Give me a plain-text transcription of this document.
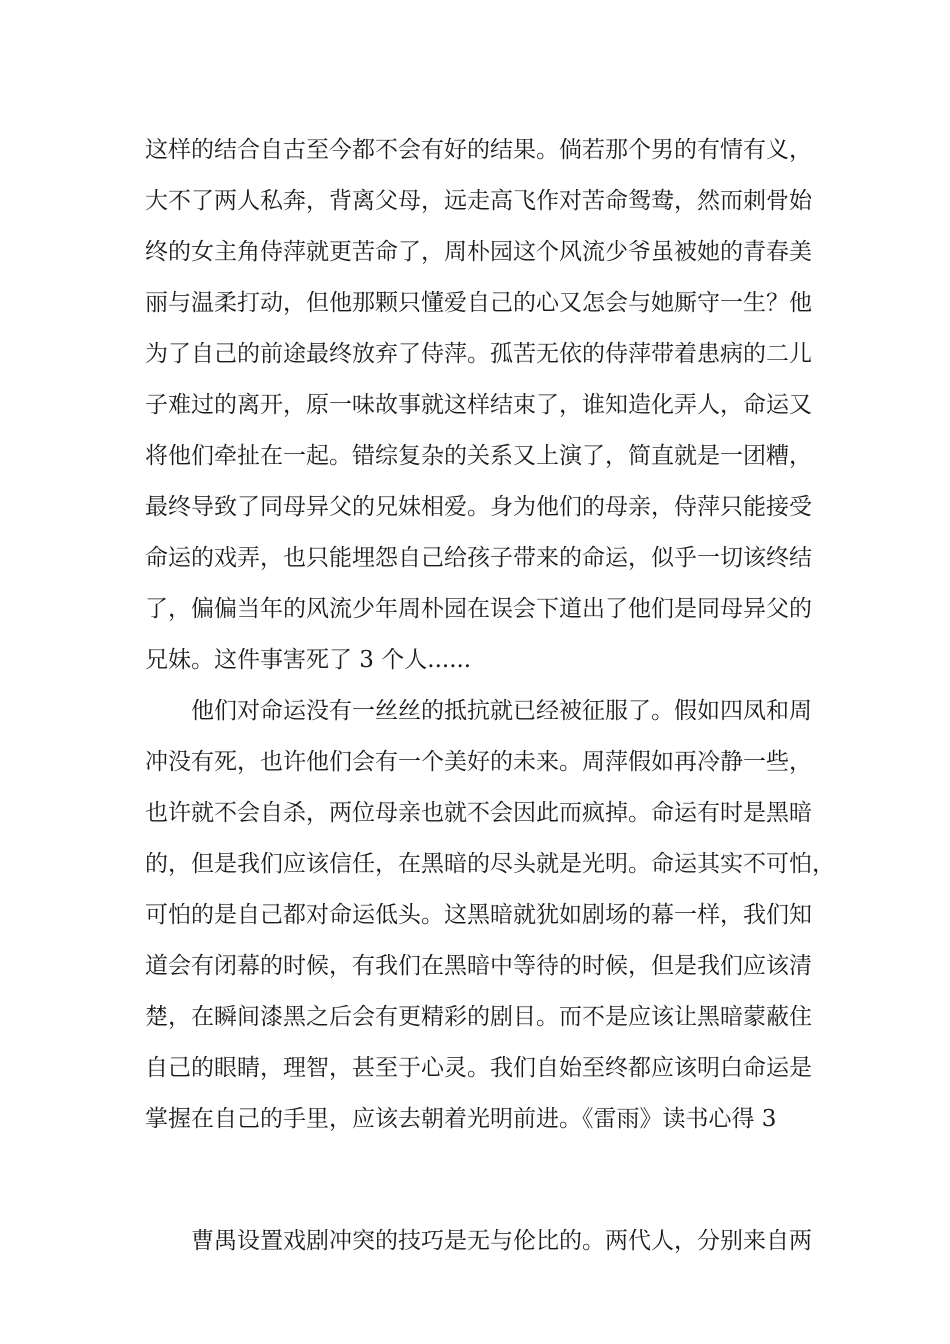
这样的结合自古至今都不会有好的结果。倘若那个男的有情有义，
大不了两人私奔，背离父母，远走高飞作对苦命鸳鸯，然而刺骨始
终的女主角侍萍就更苦命了，周朴园这个风流少爷虽被她的青春美
丽与温柔打动，但他那颗只懂爱自己的心又怎会与她厮守一生？他
为了自己的前途最终放弃了侍萍。孤苦无依的侍萍带着患病的二儿
子难过的离开，原一味故事就这样结束了，谁知造化弄人，命运又
将他们牵扯在一起。错综复杂的关系又上演了，简直就是一团糟，
最终导致了同母异父的兄妹相爱。身为他们的母亲，侍萍只能接受
命运的戏弄，也只能埋怨自己给孩子带来的命运，似乎一切该终结
了，偏偏当年的风流少年周朴园在误会下道出了他们是同母异父的
兄妹。这件事害死了 3 个人......
他们对命运没有一丝丝的抵抗就已经被征服了。假如四凤和周
冲没有死，也许他们会有一个美好的未来。周萍假如再冷静一些，
也许就不会自杀，两位母亲也就不会因此而疯掉。命运有时是黑暗
的，但是我们应该信任，在黑暗的尽头就是光明。命运其实不可怕，
可怕的是自己都对命运低头。这黑暗就犹如剧场的幕一样，我们知
道会有闭幕的时候，有我们在黑暗中等待的时候，但是我们应该清
楚，在瞬间漆黑之后会有更精彩的剧目。而不是应该让黑暗蒙蔽住
自己的眼睛，理智，甚至于心灵。我们自始至终都应该明白命运是
掌握在自己的手里，应该去朝着光明前进。《雷雨》读书心得 3
曹禺设置戏剧冲突的技巧是无与伦比的。两代人，分别来自两
